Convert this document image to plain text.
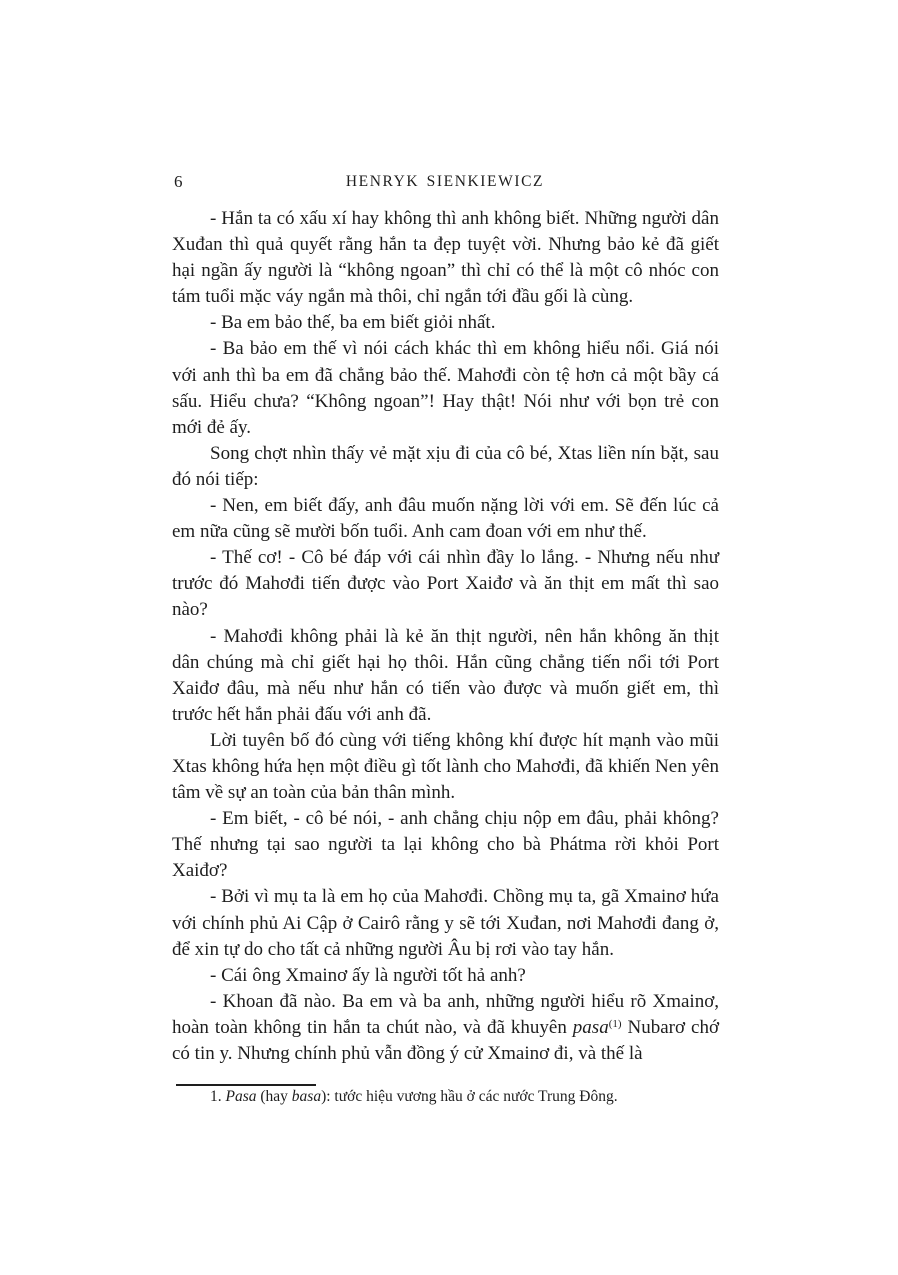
6	HENRYK SIENKIEWICZ

- Hắn ta có xấu xí hay không thì anh không biết. Những người dân Xuđan thì quả quyết rằng hắn ta đẹp tuyệt vời. Nhưng bảo kẻ đã giết hại ngần ấy người là “không ngoan” thì chỉ có thể là một cô nhóc con tám tuổi mặc váy ngắn mà thôi, chỉ ngắn tới đầu gối là cùng.

- Ba em bảo thế, ba em biết giỏi nhất.

- Ba bảo em thế vì nói cách khác thì em không hiểu nổi. Giá nói với anh thì ba em đã chẳng bảo thế. Mahơđi còn tệ hơn cả một bầy cá sấu. Hiểu chưa? “Không ngoan”! Hay thật! Nói như với bọn trẻ con mới đẻ ấy.

Song chợt nhìn thấy vẻ mặt xịu đi của cô bé, Xtas liền nín bặt, sau đó nói tiếp:

- Nen, em biết đấy, anh đâu muốn nặng lời với em. Sẽ đến lúc cả em nữa cũng sẽ mười bốn tuổi. Anh cam đoan với em như thế.

- Thế cơ! - Cô bé đáp với cái nhìn đầy lo lắng. - Nhưng nếu như trước đó Mahơđi tiến được vào Port Xaiđơ và ăn thịt em mất thì sao nào?

- Mahơđi không phải là kẻ ăn thịt người, nên hắn không ăn thịt dân chúng mà chỉ giết hại họ thôi. Hắn cũng chẳng tiến nổi tới Port Xaiđơ đâu, mà nếu như hắn có tiến vào được và muốn giết em, thì trước hết hắn phải đấu với anh đã.

Lời tuyên bố đó cùng với tiếng không khí được hít mạnh vào mũi Xtas không hứa hẹn một điều gì tốt lành cho Mahơđi, đã khiến Nen yên tâm về sự an toàn của bản thân mình.

- Em biết, - cô bé nói, - anh chẳng chịu nộp em đâu, phải không? Thế nhưng tại sao người ta lại không cho bà Phátma rời khỏi Port Xaiđơ?

- Bởi vì mụ ta là em họ của Mahơđi. Chồng mụ ta, gã Xmainơ hứa với chính phủ Ai Cập ở Cairô rằng y sẽ tới Xuđan, nơi Mahơđi đang ở, để xin tự do cho tất cả những người Âu bị rơi vào tay hắn.

- Cái ông Xmainơ ấy là người tốt hả anh?

- Khoan đã nào. Ba em và ba anh, những người hiểu rõ Xmainơ, hoàn toàn không tin hắn ta chút nào, và đã khuyên pasa$^{(1)}$ Nubarơ chớ có tin y. Nhưng chính phủ vẫn đồng ý cử Xmainơ đi, và thế là

1. Pasa (hay basa): tước hiệu vương hầu ở các nước Trung Đông.
